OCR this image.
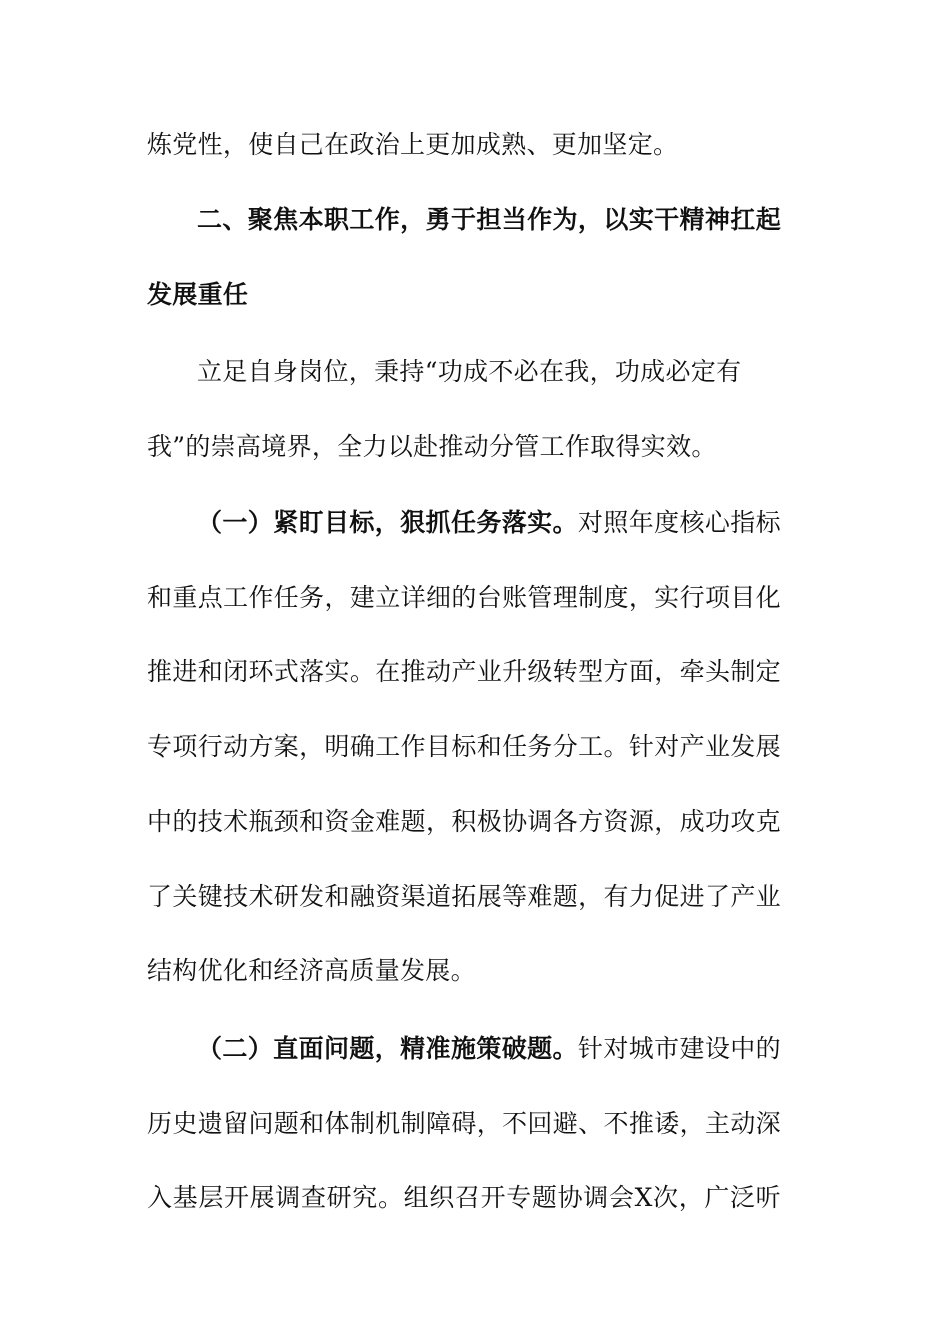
炼党性，使自己在政治上更加成熟、更加坚定。
二、聚焦本职工作，勇于担当作为，以实干精神扛起
发展重任
立足自身岗位，秉持“功成不必在我，功成必定有
我”的崇高境界，全力以赴推动分管工作取得实效。
（一）紧盯目标，狠抓任务落实。对照年度核心指标
和重点工作任务，建立详细的台账管理制度，实行项目化
推进和闭环式落实。在推动产业升级转型方面，牵头制定
专项行动方案，明确工作目标和任务分工。针对产业发展
中的技术瓶颈和资金难题，积极协调各方资源，成功攻克
了关键技术研发和融资渠道拓展等难题，有力促进了产业
结构优化和经济高质量发展。
（二）直面问题，精准施策破题。针对城市建设中的
历史遗留问题和体制机制障碍，不回避、不推诿，主动深
入基层开展调查研究。组织召开专题协调会X次，广泛听
